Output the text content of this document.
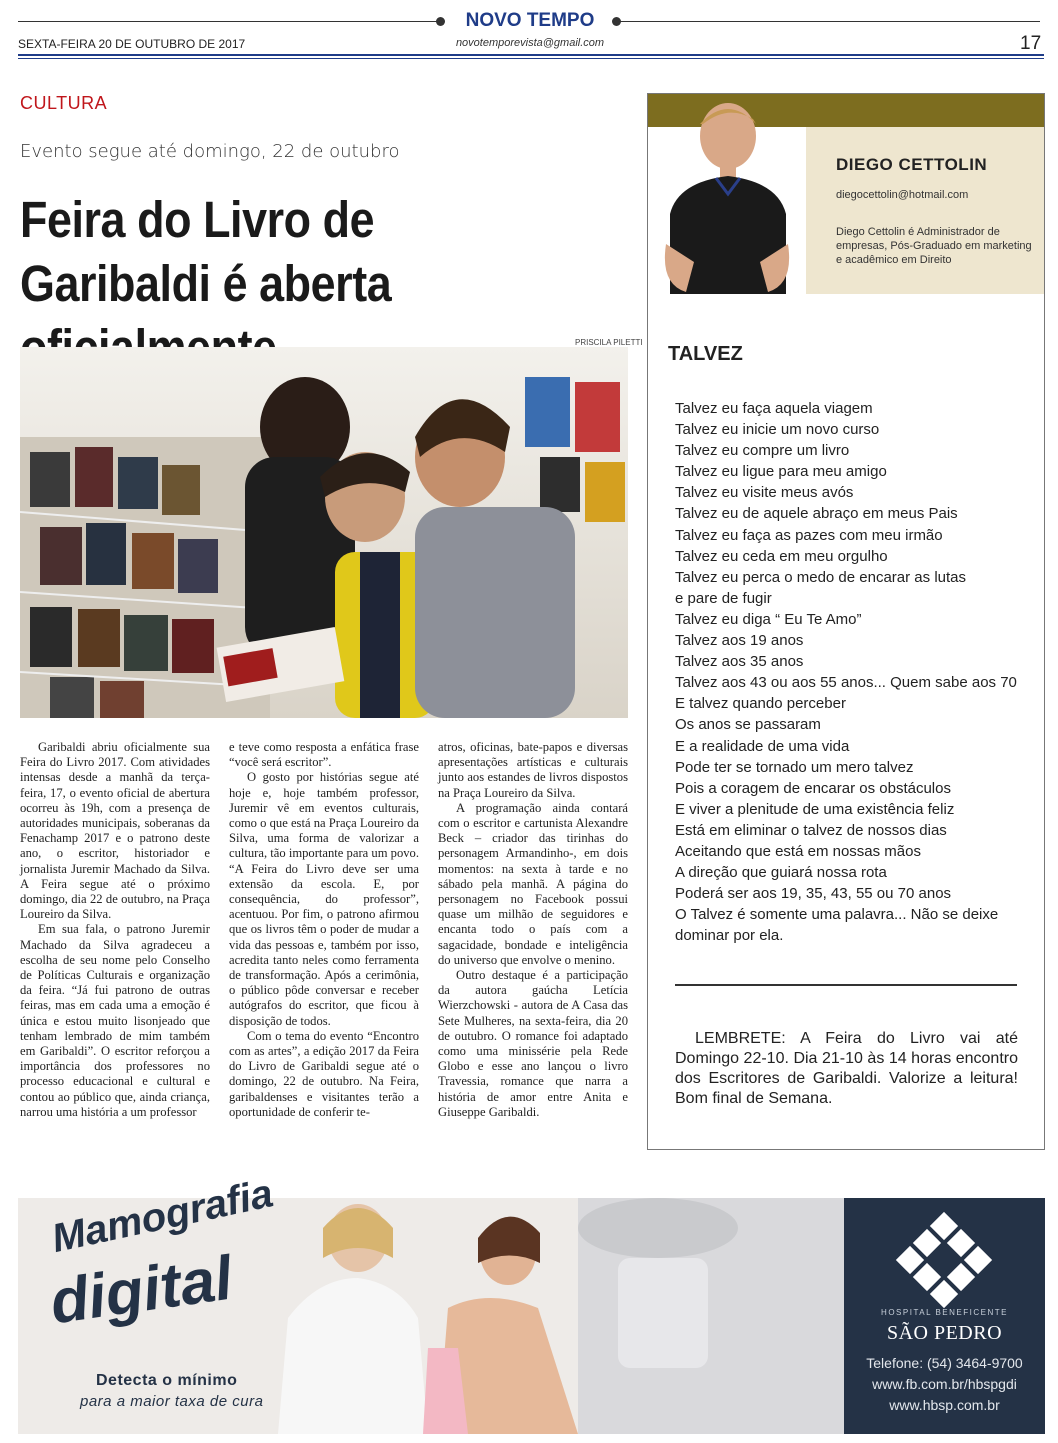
NOVO TEMPO
novotemporevista@gmail.com
SEXTA-FEIRA 20 DE OUTUBRO DE 2017	17
CULTURA
Evento segue até domingo, 22 de outubro
Feira do Livro de Garibaldi é aberta
PRISCILA PILETTI

Garibaldi abriu oficialmente sua Feira do Livro 2017. Com atividades intensas desde a manhã da terça-feira, 17, o evento oficial de abertura ocorreu às 19h, com a presença de autoridades municipais, soberanas da Fenachamp 2017 e o patrono deste ano, o escritor, historiador e jornalista Juremir Machado da Silva. A Feira segue até o próximo domingo, dia 22 de outubro, na Praça Loureiro da Silva.

Em sua fala, o patrono Juremir Machado da Silva agradeceu a escolha de seu nome pelo Conselho de Políticas Culturais e organização da feira. “Já fui patrono de outras feiras, mas em cada uma a emoção é única e estou muito lisonjeado que tenham lembrado de mim também em Garibaldi”. O escritor reforçou a importância dos professores no processo educacional e cultural e contou ao público que, ainda criança, narrou uma história a um professor

e teve como resposta a enfática frase “você será escritor”.

O gosto por histórias segue até hoje e, hoje também professor, Juremir vê em eventos culturais, como o que está na Praça Loureiro da Silva, uma forma de valorizar a cultura, tão importante para um povo. “A Feira do Livro deve ser uma extensão da escola. E, por consequência, do professor”, acentuou. Por fim, o patrono afirmou que os livros têm o poder de mudar a vida das pessoas e, também por isso, acredita tanto neles como ferramenta de transformação. Após a cerimônia, o público pôde conversar e receber autógrafos do escritor, que ficou à disposição de todos.

Com o tema do evento “Encontro com as artes”, a edição 2017 da Feira do Livro de Garibaldi segue até o domingo, 22 de outubro. Na Feira, garibaldenses e visitantes terão a oportunidade de conferir te-

atros, oficinas, bate-papos e diversas apresentações artísticas e culturais junto aos estandes de livros dispostos na Praça Loureiro da Silva.

A programação ainda contará com o escritor e cartunista Alexandre Beck – criador das tirinhas do personagem Armandinho-, em dois momentos: na sexta à tarde e no sábado pela manhã. A página do personagem no Facebook possui quase um milhão de seguidores e encanta todo o país com a sagacidade, bondade e inteligência do universo que envolve o menino.

Outro destaque é a participação da autora gaúcha Letícia Wierzchowski - autora de A Casa das Sete Mulheres, na sexta-feira, dia 20 de outubro. O romance foi adaptado como uma minissérie pela Rede Globo e esse ano lançou o livro Travessia, romance que narra a história de amor entre Anita e Giuseppe Garibaldi.

DIEGO CETTOLIN
diegocettolin@hotmail.com
Diego Cettolin é Administrador de empresas, Pós-Graduado em marketing e acadêmico em Direito
TALVEZ
Talvez eu faça aquela viagem
Talvez eu inicie um novo curso
Talvez eu compre um livro
Talvez eu ligue para meu amigo
Talvez eu visite meus avós
Talvez eu de aquele abraço em meus Pais
Talvez eu faça as pazes com meu irmão
Talvez eu ceda em meu orgulho
Talvez eu perca o medo de encarar as lutas
e pare de fugir
Talvez eu diga “ Eu Te Amo”
Talvez aos 19 anos
Talvez aos 35 anos
Talvez aos 43 ou aos 55 anos... Quem sabe aos 70
E talvez quando perceber
Os anos se passaram
E a realidade de uma vida
Pode ter se tornado um mero talvez
Pois a coragem de encarar os obstáculos
E viver a plenitude de uma existência feliz
Está em eliminar o talvez de nossos dias
Aceitando que está em nossas mãos
A direção que guiará nossa rota
Poderá ser aos 19, 35, 43, 55 ou 70 anos
O Talvez é somente uma palavra... Não se deixe
dominar por ela.
LEMBRETE: A Feira do Livro vai até Domingo 22-10. Dia 21-10 às 14 horas encontro dos Escritores de Garibaldi. Valorize a leitura! Bom final de Semana.
Mamografia
digital
Detecta o mínimo
para a maior taxa de cura
HOSPITAL BENEFICENTE
SÃO PEDRO
Telefone: (54) 3464-9700
www.fb.com.br/hbspgdi
www.hbsp.com.br
